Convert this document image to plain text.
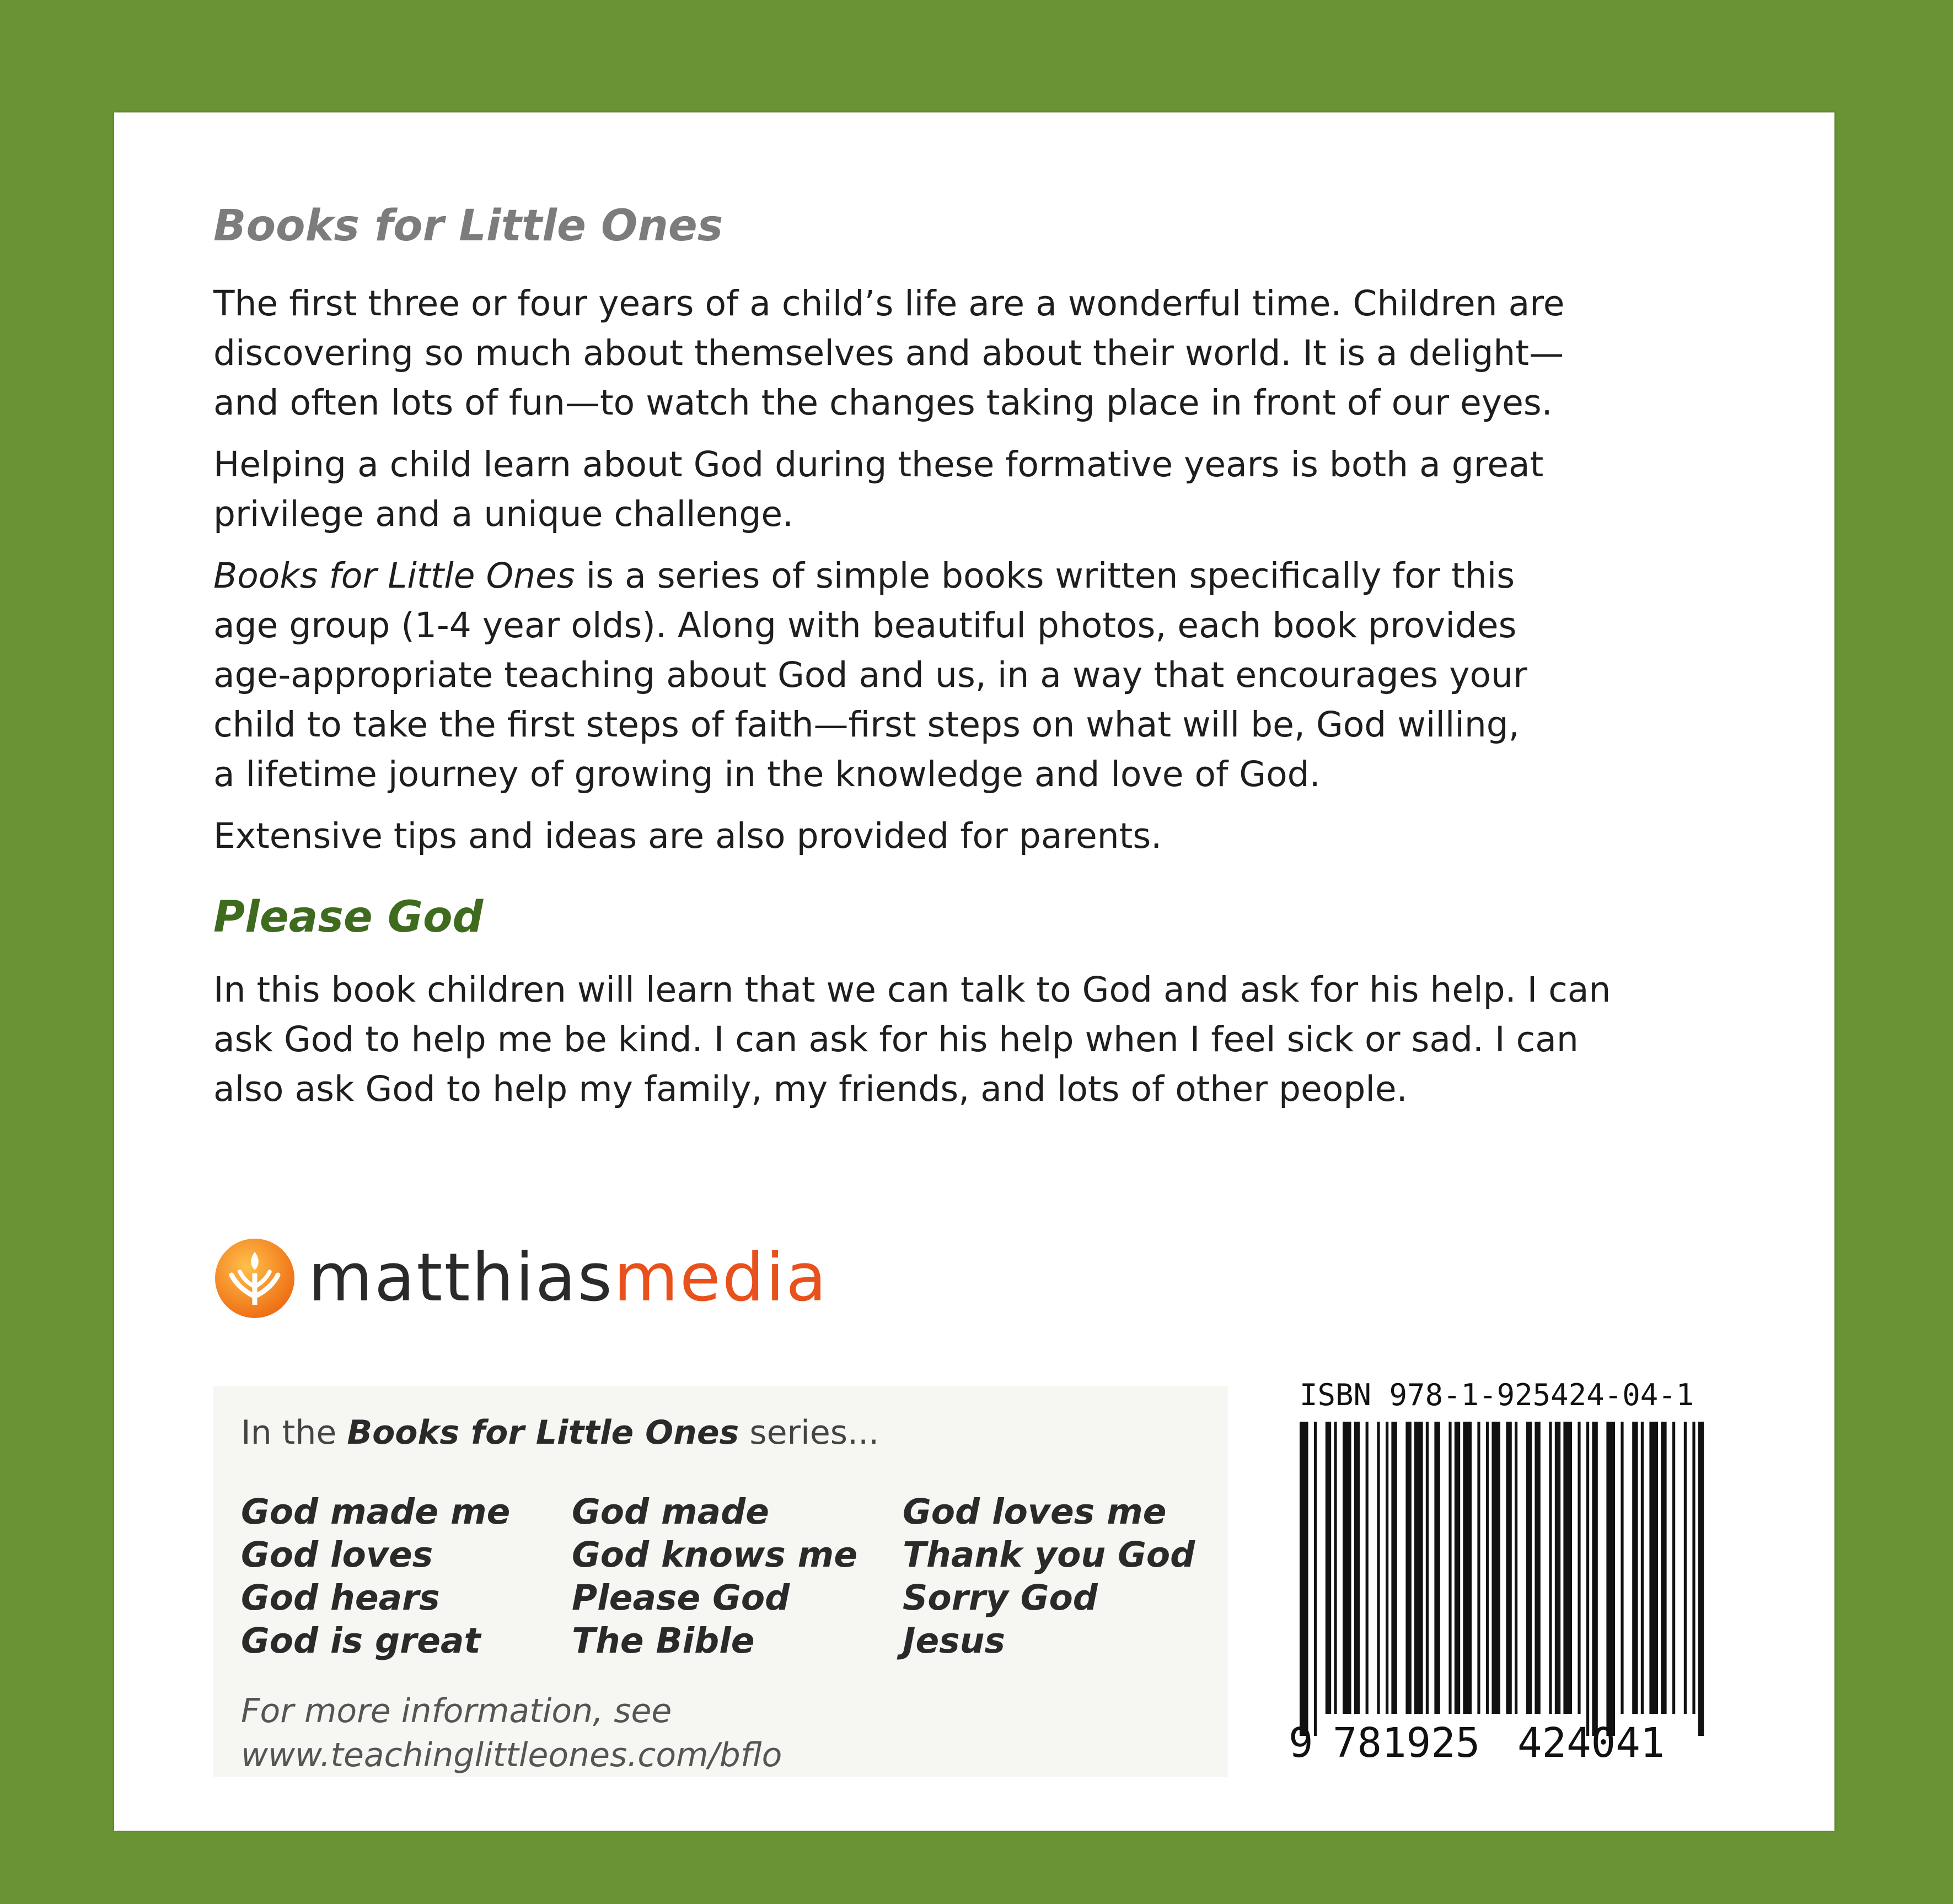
Books for Little Ones

The first three or four years of a child’s life are a wonderful time. Children are
discovering so much about themselves and about their world. It is a delight—
and often lots of fun—to watch the changes taking place in front of our eyes.

Helping a child learn about God during these formative years is both a great
privilege and a unique challenge.

Books for Little Ones is a series of simple books written specifically for this
age group (1-4 year olds). Along with beautiful photos, each book provides
age-appropriate teaching about God and us, in a way that encourages your
child to take the first steps of faith—first steps on what will be, God willing,
a lifetime journey of growing in the knowledge and love of God.

Extensive tips and ideas are also provided for parents.

Please God

In this book children will learn that we can talk to God and ask for his help. I can
ask God to help me be kind. I can ask for his help when I feel sick or sad. I can
also ask God to help my family, my friends, and lots of other people.

matthiasmedia
In the Books for Little Ones series...
God made me
God loves
God hears
God is great
God made
God knows me
Please God
The Bible
God loves me
Thank you God
Sorry God
Jesus
For more information, see
www.teachinglittleones.com/bflo
ISBN 978-1-925424-04-1
9 781925 424041
